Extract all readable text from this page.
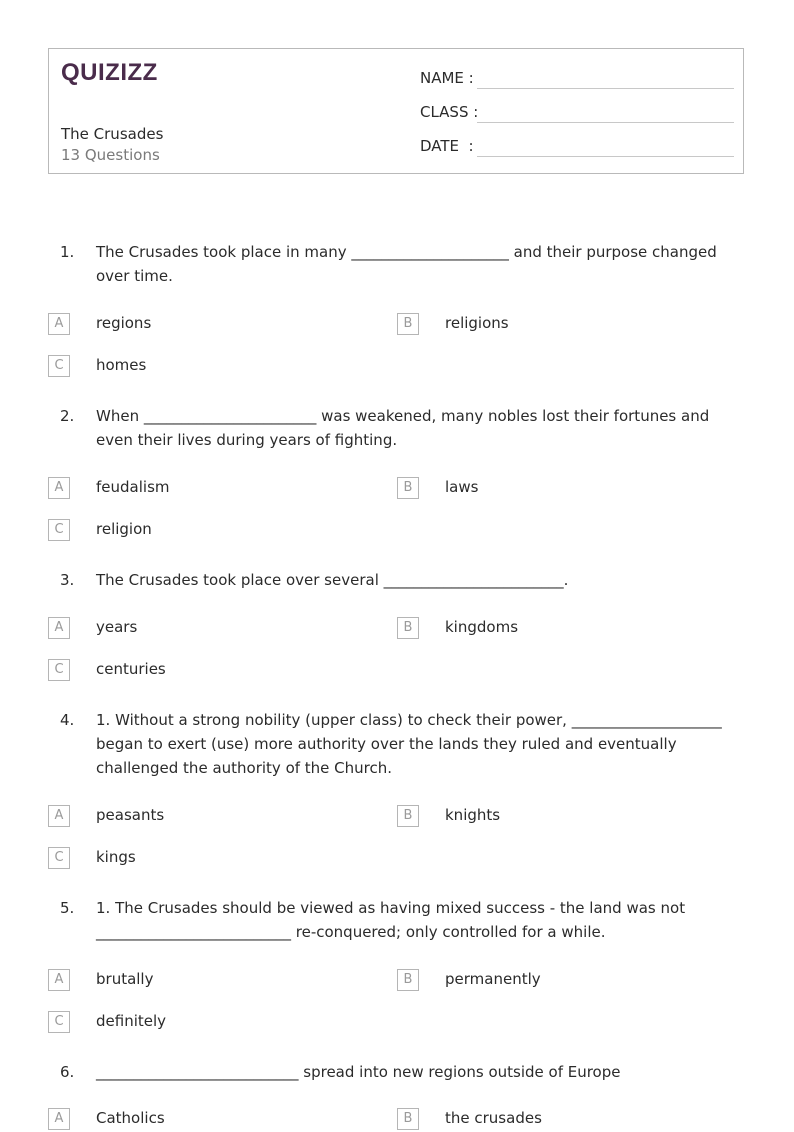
QUIZIZZ
The Crusades
13 Questions
NAME :
CLASS :
DATE  :
1. The Crusades took place in many _____________________ and their purpose changed over time.
A	regions	B	religions
C	homes
2. When _______________________ was weakened, many nobles lost their fortunes and even their lives during years of fighting.
A	feudalism	B	laws
C	religion
3. The Crusades took place over several ________________________.
A	years	B	kingdoms
C	centuries
4. 1. Without a strong nobility (upper class) to check their power, ____________________ began to exert (use) more authority over the lands they ruled and eventually challenged the authority of the Church.
A	peasants	B	knights
C	kings
5. 1. The Crusades should be viewed as having mixed success - the land was not __________________________ re-conquered; only controlled for a while.
A	brutally	B	permanently
C	definitely
6. ___________________________ spread into new regions outside of Europe
A	Catholics	B	the crusades
